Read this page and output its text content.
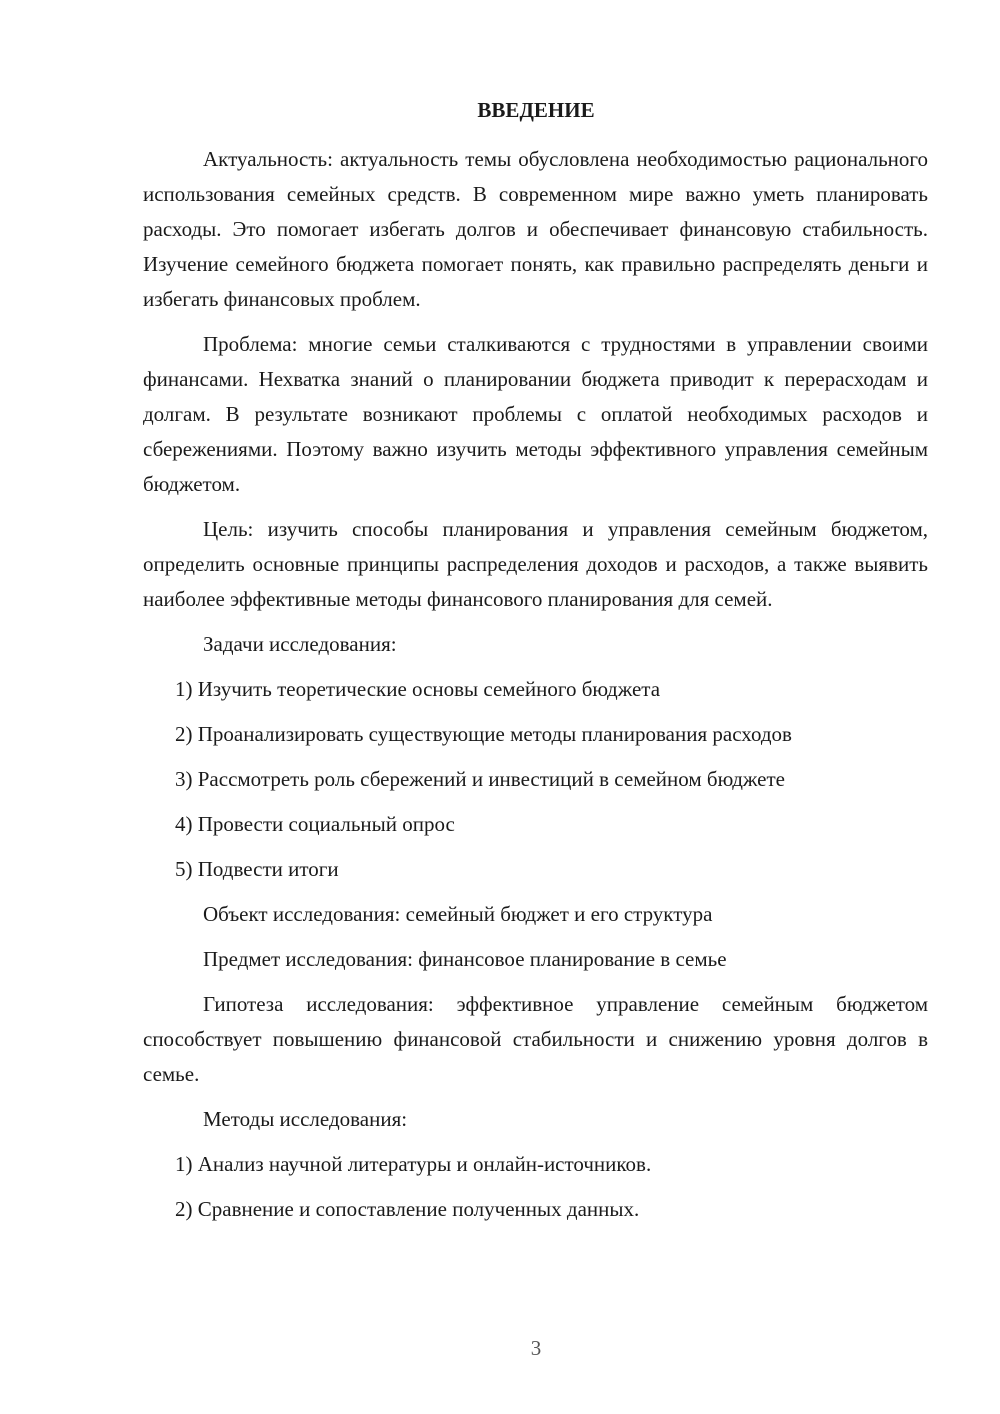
ВВЕДЕНИЕ

Актуальность: актуальность темы обусловлена необходимостью рационального использования семейных средств. В современном мире важно уметь планировать расходы. Это помогает избегать долгов и обеспечивает финансовую стабильность. Изучение семейного бюджета помогает понять, как правильно распределять деньги и избегать финансовых проблем.

Проблема: многие семьи сталкиваются с трудностями в управлении своими финансами. Нехватка знаний о планировании бюджета приводит к перерасходам и долгам. В результате возникают проблемы с оплатой необходимых расходов и сбережениями. Поэтому важно изучить методы эффективного управления семейным бюджетом.

Цель: изучить способы планирования и управления семейным бюджетом, определить основные принципы распределения доходов и расходов, а также выявить наиболее эффективные методы финансового планирования для семей.

Задачи исследования:

1) Изучить теоретические основы семейного бюджета

2) Проанализировать существующие методы планирования расходов

3) Рассмотреть роль сбережений и инвестиций в семейном бюджете

4) Провести социальный опрос

5) Подвести итоги

Объект исследования: семейный бюджет и его структура

Предмет исследования: финансовое планирование в семье

Гипотеза исследования: эффективное управление семейным бюджетом способствует повышению финансовой стабильности и снижению уровня долгов в семье.

Методы исследования:

1) Анализ научной литературы и онлайн-источников.

2) Сравнение и сопоставление полученных данных.

3
